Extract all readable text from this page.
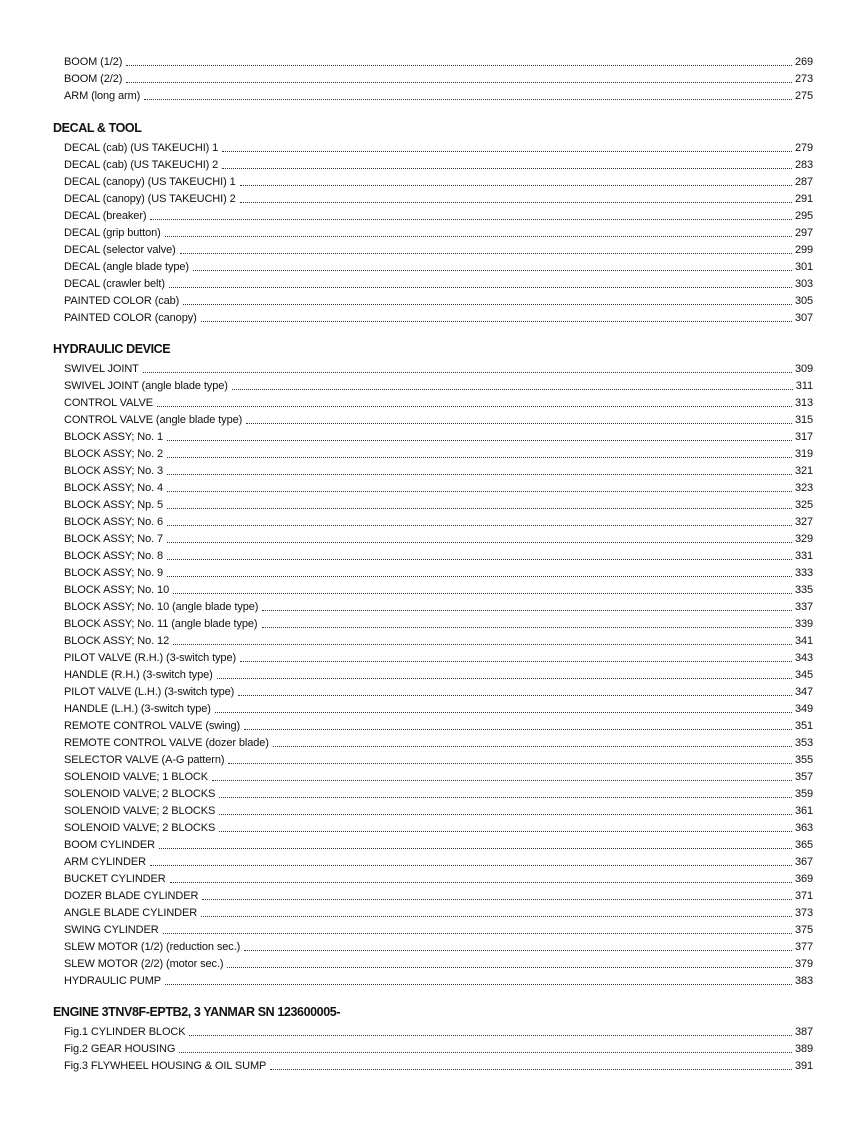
BOOM (1/2)	269
BOOM (2/2)	273
ARM (long arm)	275
DECAL & TOOL
DECAL (cab) (US TAKEUCHI) 1	279
DECAL (cab) (US TAKEUCHI) 2	283
DECAL (canopy) (US TAKEUCHI) 1	287
DECAL (canopy) (US TAKEUCHI) 2	291
DECAL (breaker)	295
DECAL (grip button)	297
DECAL (selector valve)	299
DECAL (angle blade type)	301
DECAL (crawler belt)	303
PAINTED COLOR (cab)	305
PAINTED COLOR (canopy)	307
HYDRAULIC DEVICE
SWIVEL JOINT	309
SWIVEL JOINT (angle blade type)	311
CONTROL VALVE	313
CONTROL VALVE (angle blade type)	315
BLOCK ASSY; No. 1	317
BLOCK ASSY; No. 2	319
BLOCK ASSY; No. 3	321
BLOCK ASSY; No. 4	323
BLOCK ASSY; Np. 5	325
BLOCK ASSY; No. 6	327
BLOCK ASSY; No. 7	329
BLOCK ASSY; No. 8	331
BLOCK ASSY; No. 9	333
BLOCK ASSY; No. 10	335
BLOCK ASSY; No. 10 (angle blade type)	337
BLOCK ASSY; No. 11 (angle blade type)	339
BLOCK ASSY; No. 12	341
PILOT VALVE (R.H.) (3-switch type)	343
HANDLE (R.H.) (3-switch type)	345
PILOT VALVE (L.H.) (3-switch type)	347
HANDLE (L.H.) (3-switch type)	349
REMOTE CONTROL VALVE (swing)	351
REMOTE CONTROL VALVE (dozer blade)	353
SELECTOR VALVE (A-G pattern)	355
SOLENOID VALVE; 1 BLOCK	357
SOLENOID VALVE; 2 BLOCKS	359
SOLENOID VALVE; 2 BLOCKS	361
SOLENOID VALVE; 2 BLOCKS	363
BOOM CYLINDER	365
ARM CYLINDER	367
BUCKET CYLINDER	369
DOZER BLADE CYLINDER	371
ANGLE BLADE CYLINDER	373
SWING CYLINDER	375
SLEW MOTOR (1/2) (reduction sec.)	377
SLEW MOTOR (2/2) (motor sec.)	379
HYDRAULIC PUMP	383
ENGINE 3TNV8F-EPTB2, 3 YANMAR SN 123600005-
Fig.1 CYLINDER BLOCK	387
Fig.2 GEAR HOUSING	389
Fig.3 FLYWHEEL HOUSING & OIL SUMP	391
